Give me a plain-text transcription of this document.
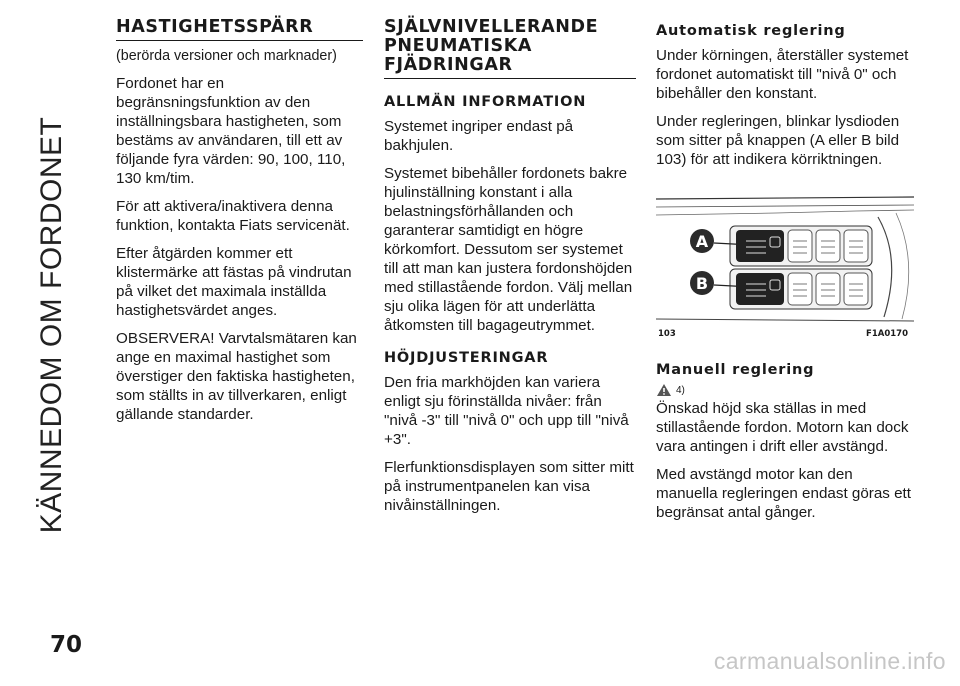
KÄNNEDOM OM FORDONET
HASTIGHETSSPÄRR

(berörda versioner och marknader)

Fordonet har en begränsningsfunktion av den inställningsbara hastigheten, som bestäms av användaren, till ett av följande fyra värden: 90, 100, 110, 130 km/tim.

För att aktivera/inaktivera denna funktion, kontakta Fiats servicenät.

Efter åtgärden kommer ett klistermärke att fästas på vindrutan på vilket det maximala inställda hastighetsvärdet anges.

OBSERVERA! Varvtalsmätaren kan ange en maximal hastighet som överstiger den faktiska hastigheten, som ställts in av tillverkaren, enligt gällande standarder.

SJÄLVNIVELLERANDE PNEUMATISKA FJÄDRINGAR
ALLMÄN INFORMATION

Systemet ingriper endast på bakhjulen.

Systemet bibehåller fordonets bakre hjulinställning konstant i alla belastningsförhållanden och garanterar samtidigt en högre körkomfort. Dessutom ser systemet till att man kan justera fordonshöjden med stillastående fordon. Välj mellan sju olika lägen för att underlätta åtkomsten till bagageutrymmet.

HÖJDJUSTERINGAR

Den fria markhöjden kan variera enligt sju förinställda nivåer: från "nivå -3" till "nivå 0" och upp till "nivå +3".

Flerfunktionsdisplayen som sitter mitt på instrumentpanelen kan visa nivåinställningen.

Automatisk reglering

Under körningen, återställer systemet fordonet automatiskt till "nivå 0" och bibehåller den konstant.

Under regleringen, blinkar lysdioden som sitter på knappen (A eller B bild 103) för att indikera körriktningen.

A
B
103	F1A0170
Manuell reglering
4)

Önskad höjd ska ställas in med stillastående fordon. Motorn kan dock vara antingen i drift eller avstängd.

Med avstängd motor kan den manuella regleringen endast göras ett begränsat antal gånger.

70
carmanualsonline.info
